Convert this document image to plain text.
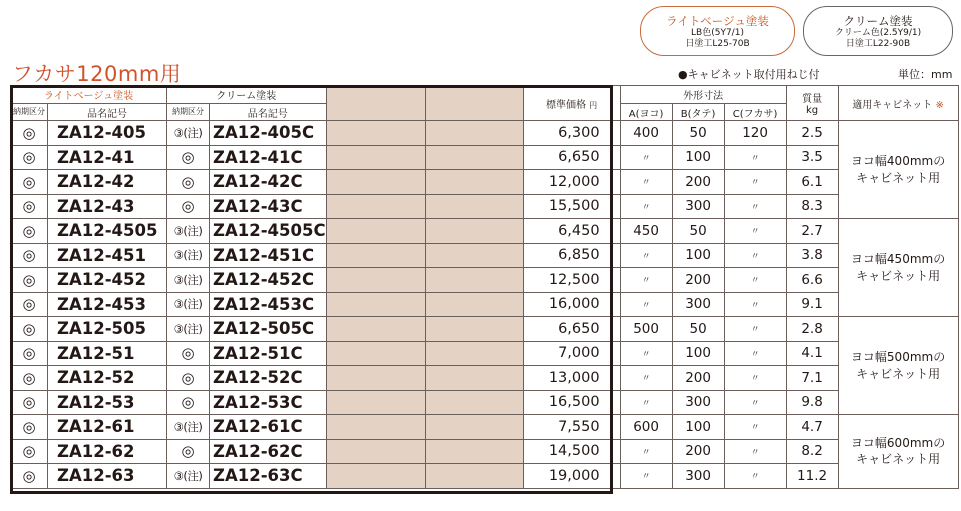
ライトベージュ塗装
LB色(5Y7/1)
日塗工L25-70B
クリーム塗装
クリーム色(2.5Y9/1)
日塗工L22-90B
フカサ120mm用	●キャビネット取付用ねじ付	単位：mm
ライトベージュ塗装		クリーム塗装				標準価格 円	外形寸法			質量
kg	適用キャビネット ※
納期区分	品名記号	納期区分	品名記号				A(ヨコ)	B(タテ)	C(フカサ)		
◎	ZA12-405	③(注)	ZA12-405C			6,300	400	50	120	2.5	ヨコ幅400mmの
キャビネット用

◎	ZA12-41	◎	ZA12-41C			6,650	〃	100	〃	3.5	
◎	ZA12-42	◎	ZA12-42C			12,000	〃	200	〃	6.1	
◎	ZA12-43	◎	ZA12-43C			15,500	〃	300	〃	8.3	
◎	ZA12-4505	③(注)	ZA12-4505C			6,450	450	50	〃	2.7	ヨコ幅450mmの
キャビネット用

◎	ZA12-451	③(注)	ZA12-451C			6,850	〃	100	〃	3.8	
◎	ZA12-452	③(注)	ZA12-452C			12,500	〃	200	〃	6.6	
◎	ZA12-453	③(注)	ZA12-453C			16,000	〃	300	〃	9.1	
◎	ZA12-505	③(注)	ZA12-505C			6,650	500	50	〃	2.8	ヨコ幅500mmの
キャビネット用

◎	ZA12-51	◎	ZA12-51C			7,000	〃	100	〃	4.1	
◎	ZA12-52	◎	ZA12-52C			13,000	〃	200	〃	7.1	
◎	ZA12-53	◎	ZA12-53C			16,500	〃	300	〃	9.8	
◎	ZA12-61	③(注)	ZA12-61C			7,550	600	100	〃	4.7	ヨコ幅600mmの
キャビネット用

◎	ZA12-62	◎	ZA12-62C			14,500	〃	200	〃	8.2	
◎	ZA12-63	③(注)	ZA12-63C			19,000	〃	300	〃	11.2	
